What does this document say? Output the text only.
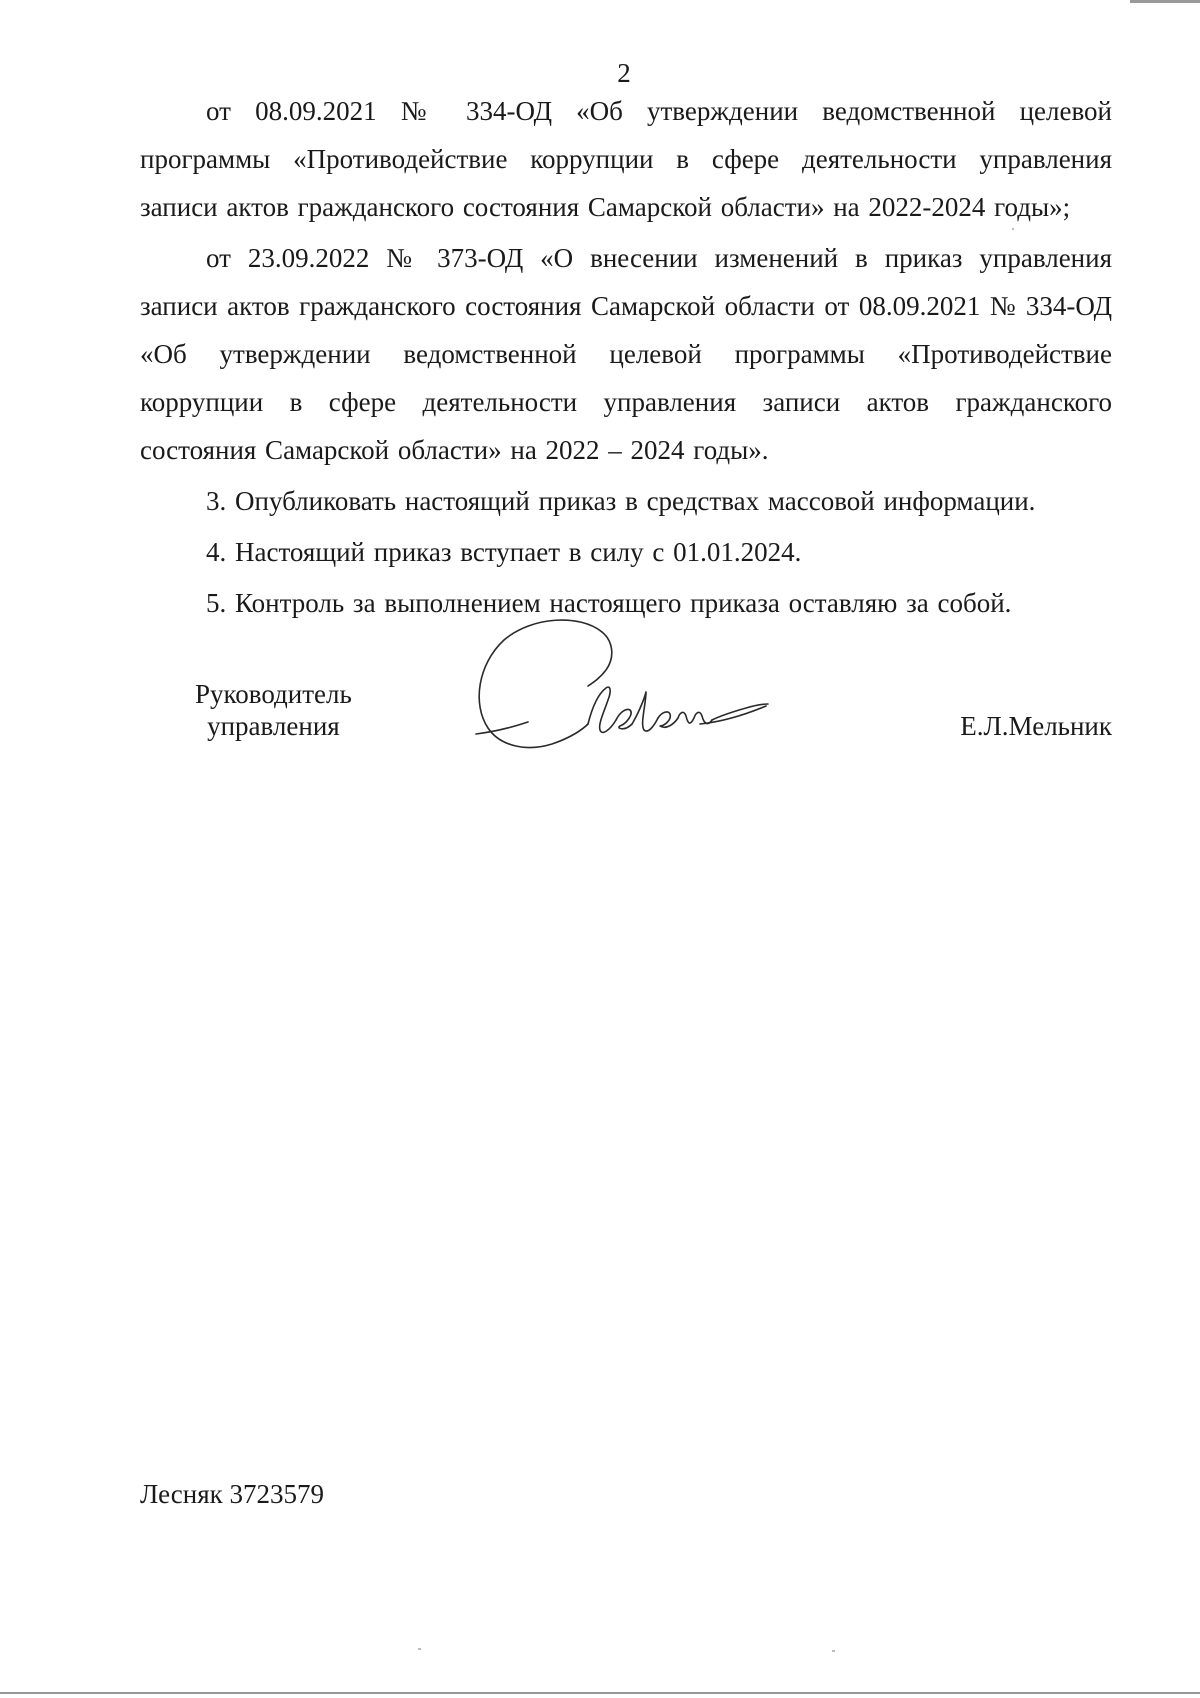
2

от 08.09.2021 № 334-ОД «Об утверждении ведомственной целевой программы «Противодействие коррупции в сфере деятельности управления записи актов гражданского состояния Самарской области» на 2022-2024 годы»;

от 23.09.2022 № 373-ОД «О внесении изменений в приказ управления записи актов гражданского состояния Самарской области от 08.09.2021 № 334-ОД «Об утверждении ведомственной целевой программы «Противодействие коррупции в сфере деятельности управления записи актов гражданского состояния Самарской области» на 2022 – 2024 годы».

3. Опубликовать настоящий приказ в средствах массовой информации.

4. Настоящий приказ вступает в силу с 01.01.2024.

5. Контроль за выполнением настоящего приказа оставляю за собой.

Руководитель
управления	Е.Л.Мельник
Лесняк 3723579
